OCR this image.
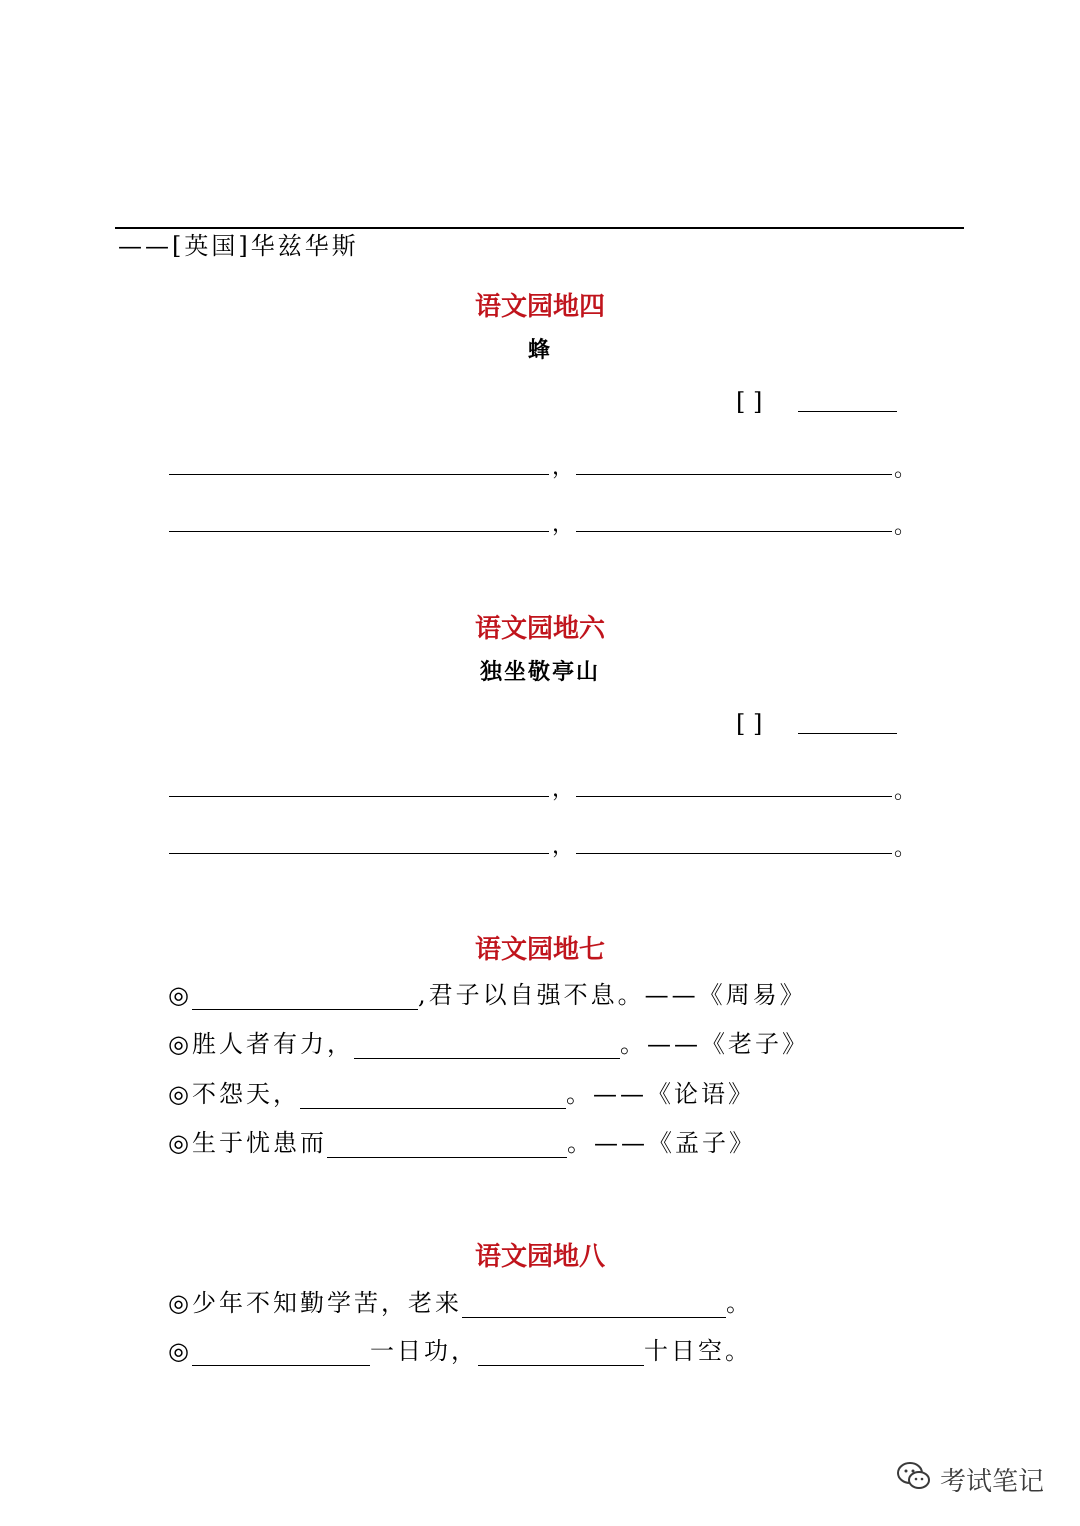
——[英国]华兹华斯
语文园地四
蜂
[ ]
，	。
，	。
语文园地六
独坐敬亭山
[ ]
，	。
，	。
语文园地七
◎	,君子以自强不息。——《周易》
◎胜人者有力，	。——《老子》
◎不怨天，	。——《论语》
◎生于忧患而	。——《孟子》
语文园地八
◎少年不知勤学苦，老来	。
◎	一日功，	十日空。
考试笔记
